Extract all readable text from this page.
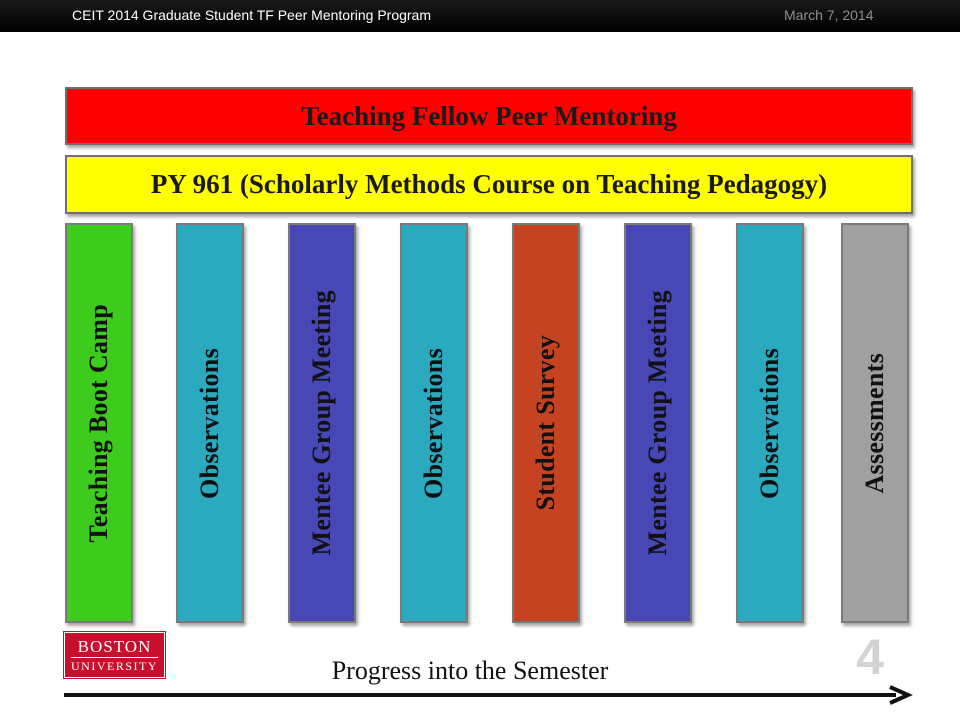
CEIT 2014 Graduate Student TF Peer Mentoring Program	March 7, 2014
Teaching Fellow Peer Mentoring
PY 961 (Scholarly Methods Course on Teaching Pedagogy)
Teaching Boot Camp	Observations	Mentee Group Meeting	Observations	Student Survey	Mentee Group Meeting	Observations	Assessments
BOSTON
UNIVERSITY	4
Progress into the Semester
